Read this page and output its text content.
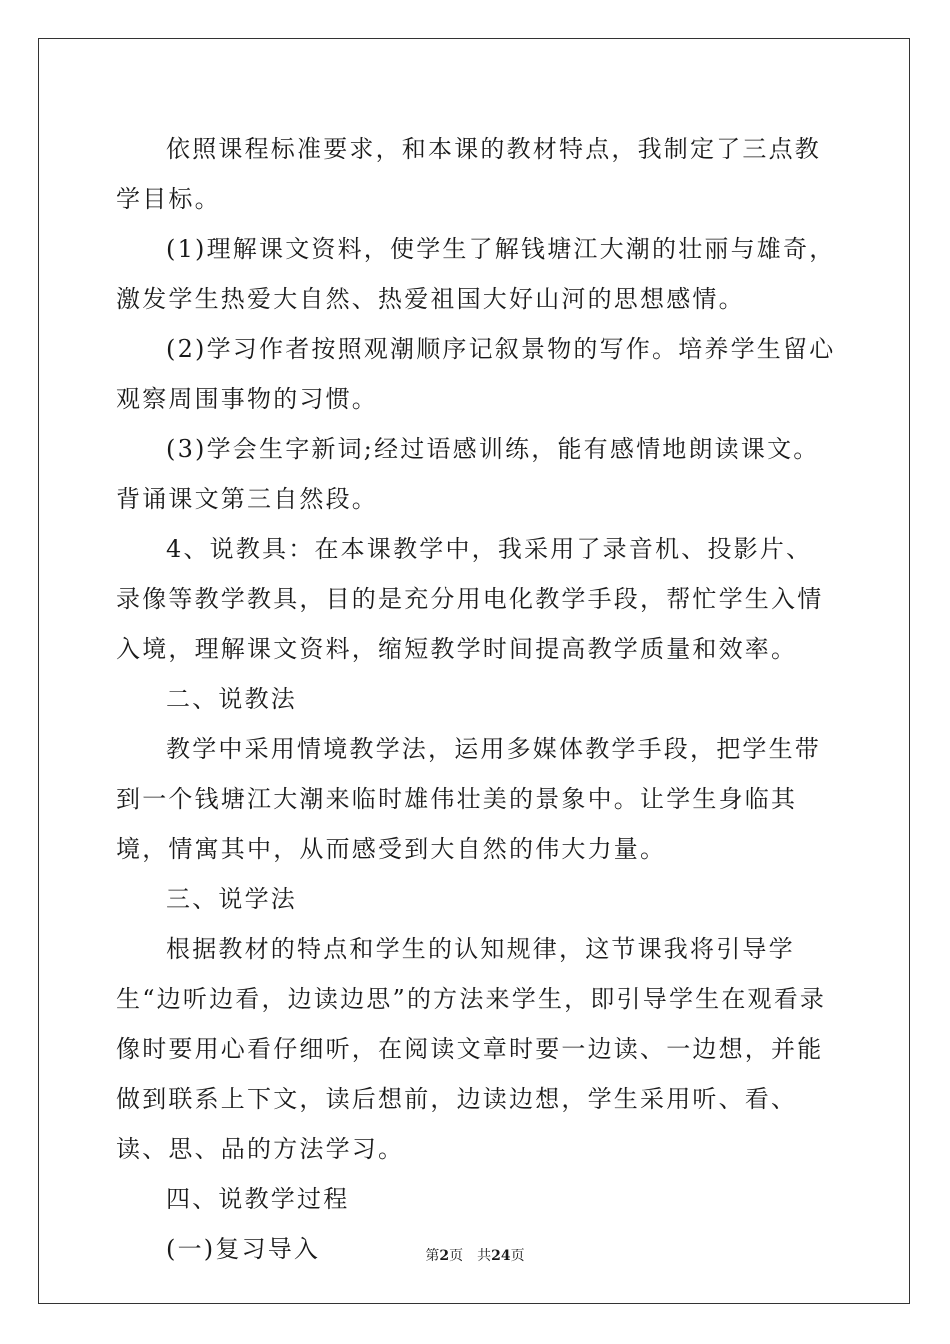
依照课程标准要求，和本课的教材特点，我制定了三点教学目标。

(1)理解课文资料，使学生了解钱塘江大潮的壮丽与雄奇，激发学生热爱大自然、热爱祖国大好山河的思想感情。

(2)学习作者按照观潮顺序记叙景物的写作。培养学生留心观察周围事物的习惯。

(3)学会生字新词;经过语感训练，能有感情地朗读课文。背诵课文第三自然段。

4、说教具：在本课教学中，我采用了录音机、投影片、录像等教学教具，目的是充分用电化教学手段，帮忙学生入情入境，理解课文资料，缩短教学时间提高教学质量和效率。

二、说教法

教学中采用情境教学法，运用多媒体教学手段，把学生带到一个钱塘江大潮来临时雄伟壮美的景象中。让学生身临其境，情寓其中，从而感受到大自然的伟大力量。

三、说学法

根据教材的特点和学生的认知规律，这节课我将引导学生“边听边看，边读边思”的方法来学生，即引导学生在观看录像时要用心看仔细听，在阅读文章时要一边读、一边想，并能做到联系上下文，读后想前，边读边想，学生采用听、看、读、思、品的方法学习。

四、说教学过程

(一)复习导入	第2页 共24页
